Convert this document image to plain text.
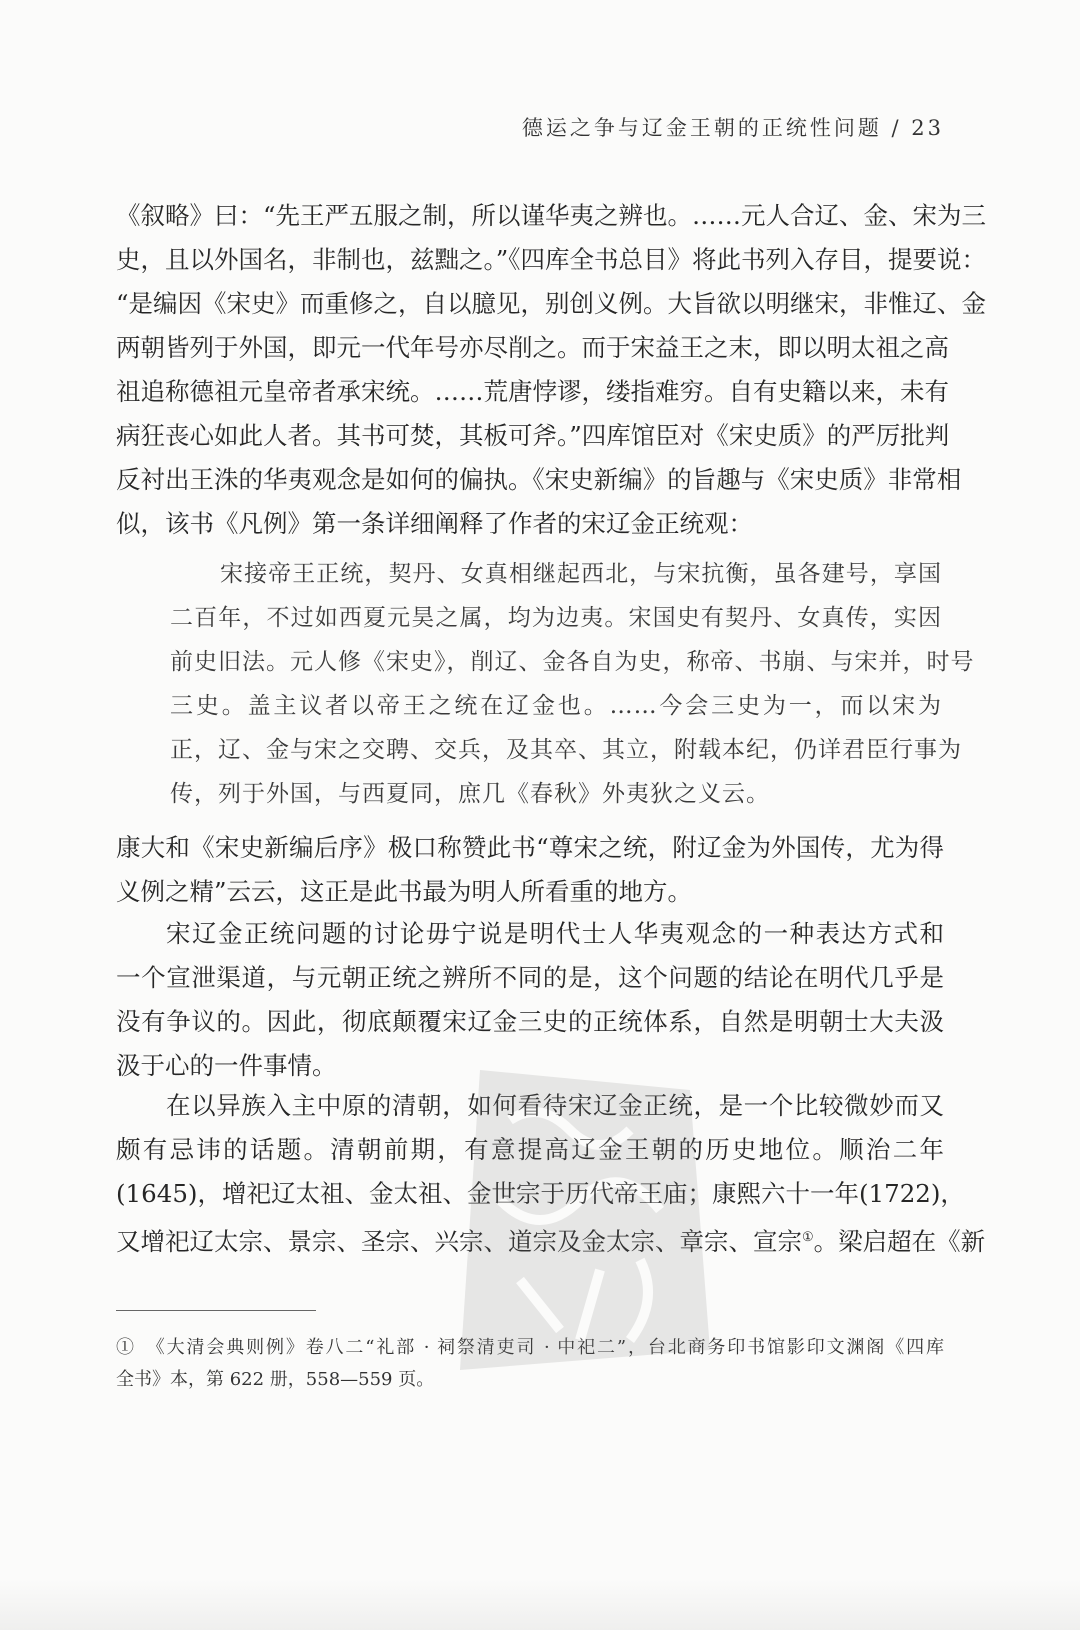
德运之争与辽金王朝的正统性问题 / 23
《叙略》曰：“先王严五服之制，所以谨华夷之辨也。……元人合辽、金、宋为三
史，且以外国名，非制也，兹黜之。”《四库全书总目》将此书列入存目，提要说：
“是编因《宋史》而重修之，自以臆见，别创义例。大旨欲以明继宋，非惟辽、金
两朝皆列于外国，即元一代年号亦尽削之。而于宋益王之末，即以明太祖之高
祖追称德祖元皇帝者承宋统。……荒唐悖谬，缕指难穷。自有史籍以来，未有
病狂丧心如此人者。其书可焚，其板可斧。”四库馆臣对《宋史质》的严厉批判
反衬出王洙的华夷观念是如何的偏执。《宋史新编》的旨趣与《宋史质》非常相
似，该书《凡例》第一条详细阐释了作者的宋辽金正统观：
宋接帝王正统，契丹、女真相继起西北，与宋抗衡，虽各建号，享国
二百年，不过如西夏元昊之属，均为边夷。宋国史有契丹、女真传，实因
前史旧法。元人修《宋史》，削辽、金各自为史，称帝、书崩、与宋并，时号
三史。盖主议者以帝王之统在辽金也。……今会三史为一，而以宋为
正，辽、金与宋之交聘、交兵，及其卒、其立，附载本纪，仍详君臣行事为
传，列于外国，与西夏同，庶几《春秋》外夷狄之义云。
康大和《宋史新编后序》极口称赞此书“尊宋之统，附辽金为外国传，尤为得
义例之精”云云，这正是此书最为明人所看重的地方。
宋辽金正统问题的讨论毋宁说是明代士人华夷观念的一种表达方式和
一个宣泄渠道，与元朝正统之辨所不同的是，这个问题的结论在明代几乎是
没有争议的。因此，彻底颠覆宋辽金三史的正统体系，自然是明朝士大夫汲
汲于心的一件事情。
在以异族入主中原的清朝，如何看待宋辽金正统，是一个比较微妙而又
颇有忌讳的话题。清朝前期，有意提高辽金王朝的历史地位。顺治二年
(1645)，增祀辽太祖、金太祖、金世宗于历代帝王庙；康熙六十一年(1722)，
又增祀辽太宗、景宗、圣宗、兴宗、道宗及金太宗、章宗、宣宗①。梁启超在《新
①　《大清会典则例》卷八二“礼部 · 祠祭清吏司 · 中祀二”，台北商务印书馆影印文渊阁《四库
全书》本，第 622 册，558—559 页。
